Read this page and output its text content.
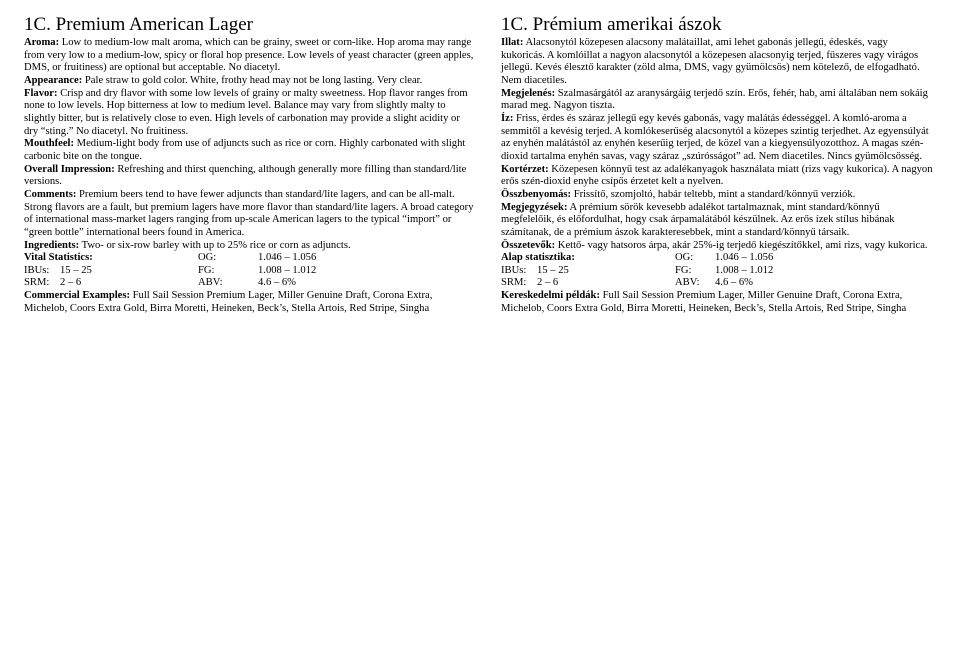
1C. Premium American Lager

Aroma: Low to medium-low malt aroma, which can be grainy, sweet or corn-like. Hop aroma may range from very low to a medium-low, spicy or floral hop presence. Low levels of yeast character (green apples, DMS, or fruitiness) are optional but acceptable. No diacetyl.

Appearance: Pale straw to gold color. White, frothy head may not be long lasting. Very clear.

Flavor: Crisp and dry flavor with some low levels of grainy or malty sweetness. Hop flavor ranges from none to low levels. Hop bitterness at low to medium level. Balance may vary from slightly malty to slightly bitter, but is relatively close to even. High levels of carbonation may provide a slight acidity or dry “sting.” No diacetyl. No fruitiness.

Mouthfeel: Medium-light body from use of adjuncts such as rice or corn. Highly carbonated with slight carbonic bite on the tongue.

Overall Impression: Refreshing and thirst quenching, although generally more filling than standard/lite versions.

Comments: Premium beers tend to have fewer adjuncts than standard/lite lagers, and can be all-malt. Strong flavors are a fault, but premium lagers have more flavor than standard/lite lagers. A broad category of international mass-market lagers ranging from up-scale American lagers to the typical “import” or “green bottle” international beers found in America.

Ingredients: Two- or six-row barley with up to 25% rice or corn as adjuncts.

Vital Statistics:	OG:	1.046 – 1.056
IBUs:	15 – 25	FG:	1.008 – 1.012
SRM:	2 – 6	ABV:	4.6 – 6%

Commercial Examples: Full Sail Session Premium Lager, Miller Genuine Draft, Corona Extra, Michelob, Coors Extra Gold, Birra Moretti, Heineken, Beck’s, Stella Artois, Red Stripe, Singha

1C. Prémium amerikai ászok

Illat: Alacsonytól közepesen alacsony malátaillat, ami lehet gabonás jellegű, édeskés, vagy kukoricás. A komlóillat a nagyon alacsonytól a közepesen alacsonyig terjed, fűszeres vagy virágos jellegű. Kevés élesztő karakter (zöld alma, DMS, vagy gyümölcsös) nem kötelező, de elfogadható. Nem diacetiles.

Megjelenés: Szalmasárgától az aranysárgáig terjedő szín. Erős, fehér, hab, ami általában nem sokáig marad meg. Nagyon tiszta.

Íz: Friss, érdes és száraz jellegű egy kevés gabonás, vagy malátás édességgel. A komló-aroma a semmitől a kevésig terjed. A komlókeserűség alacsonytól a közepes szintig terjedhet. Az egyensúlyát az enyhén malátástól az enyhén keserűig terjed, de közel van a kiegyensúlyozotthoz. A magas szén-dioxid tartalma enyhén savas, vagy száraz „szúrósságot” ad. Nem diacetiles. Nincs gyümölcsösség.

Kortérzet: Közepesen könnyű test az adalékanyagok használata miatt (rizs vagy kukorica). A nagyon erős szén-dioxid enyhe csípős érzetet kelt a nyelven.

Összbenyomás: Frissítő, szomjoltó, habár teltebb, mint a standard/könnyű verziók.

Megjegyzések: A prémium sörök kevesebb adalékot tartalmaznak, mint standard/könnyű megfelelőik, és előfordulhat, hogy csak árpamalátából készülnek. Az erős ízek stílus hibának számítanak, de a prémium ászok karakteresebbek, mint a standard/könnyű társaik.

Összetevők: Kettő- vagy hatsoros árpa, akár 25%-ig terjedő kiegészítőkkel, ami rizs, vagy kukorica.

Alap statisztika:	OG:	1.046 – 1.056
IBUs:	15 – 25	FG:	1.008 – 1.012
SRM:	2 – 6	ABV:	4.6 – 6%

Kereskedelmi példák: Full Sail Session Premium Lager, Miller Genuine Draft, Corona Extra, Michelob, Coors Extra Gold, Birra Moretti, Heineken, Beck’s, Stella Artois, Red Stripe, Singha
